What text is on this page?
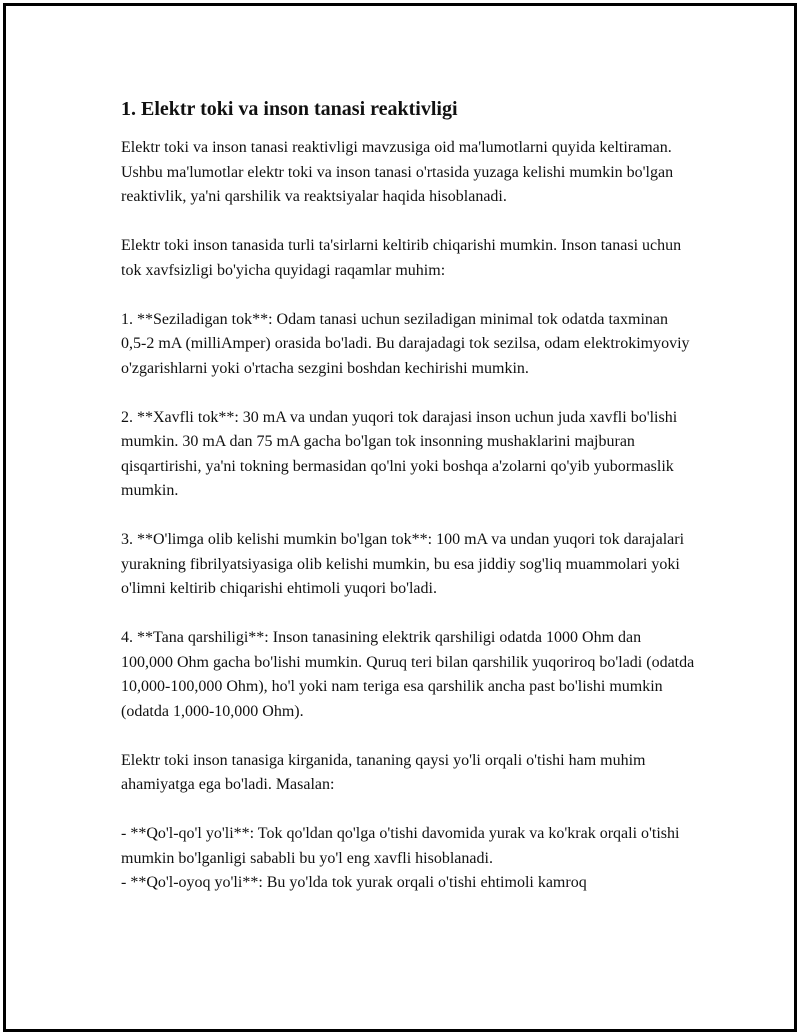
1. Elektr toki va inson tanasi reaktivligi

Elektr toki va inson tanasi reaktivligi mavzusiga oid ma'lumotlarni quyida keltiraman. Ushbu ma'lumotlar elektr toki va inson tanasi o'rtasida yuzaga kelishi mumkin bo'lgan reaktivlik, ya'ni qarshilik va reaktsiyalar haqida hisoblanadi.

Elektr toki inson tanasida turli ta'sirlarni keltirib chiqarishi mumkin. Inson tanasi uchun tok xavfsizligi bo'yicha quyidagi raqamlar muhim:

1. **Seziladigan tok**: Odam tanasi uchun seziladigan minimal tok odatda taxminan 0,5-2 mA (milliAmper) orasida bo'ladi. Bu darajadagi tok sezilsa, odam elektrokimyoviy o'zgarishlarni yoki o'rtacha sezgini boshdan kechirishi mumkin.

2. **Xavfli tok**: 30 mA va undan yuqori tok darajasi inson uchun juda xavfli bo'lishi mumkin. 30 mA dan 75 mA gacha bo'lgan tok insonning mushaklarini majburan qisqartirishi, ya'ni tokning bermasidan qo'lni yoki boshqa a'zolarni qo'yib yubormaslik mumkin.

3. **O'limga olib kelishi mumkin bo'lgan tok**: 100 mA va undan yuqori tok darajalari yurakning fibrilyatsiyasiga olib kelishi mumkin, bu esa jiddiy sog'liq muammolari yoki o'limni keltirib chiqarishi ehtimoli yuqori bo'ladi.

4. **Tana qarshiligi**: Inson tanasining elektrik qarshiligi odatda 1000 Ohm dan 100,000 Ohm gacha bo'lishi mumkin. Quruq teri bilan qarshilik yuqoriroq bo'ladi (odatda 10,000-100,000 Ohm), ho'l yoki nam teriga esa qarshilik ancha past bo'lishi mumkin (odatda 1,000-10,000 Ohm).

Elektr toki inson tanasiga kirganida, tananing qaysi yo'li orqali o'tishi ham muhim ahamiyatga ega bo'ladi. Masalan:

- **Qo'l-qo'l yo'li**: Tok qo'ldan qo'lga o'tishi davomida yurak va ko'krak orqali o'tishi mumkin bo'lganligi sababli bu yo'l eng xavfli hisoblanadi.
- **Qo'l-oyoq yo'li**: Bu yo'lda tok yurak orqali o'tishi ehtimoli kamroq
